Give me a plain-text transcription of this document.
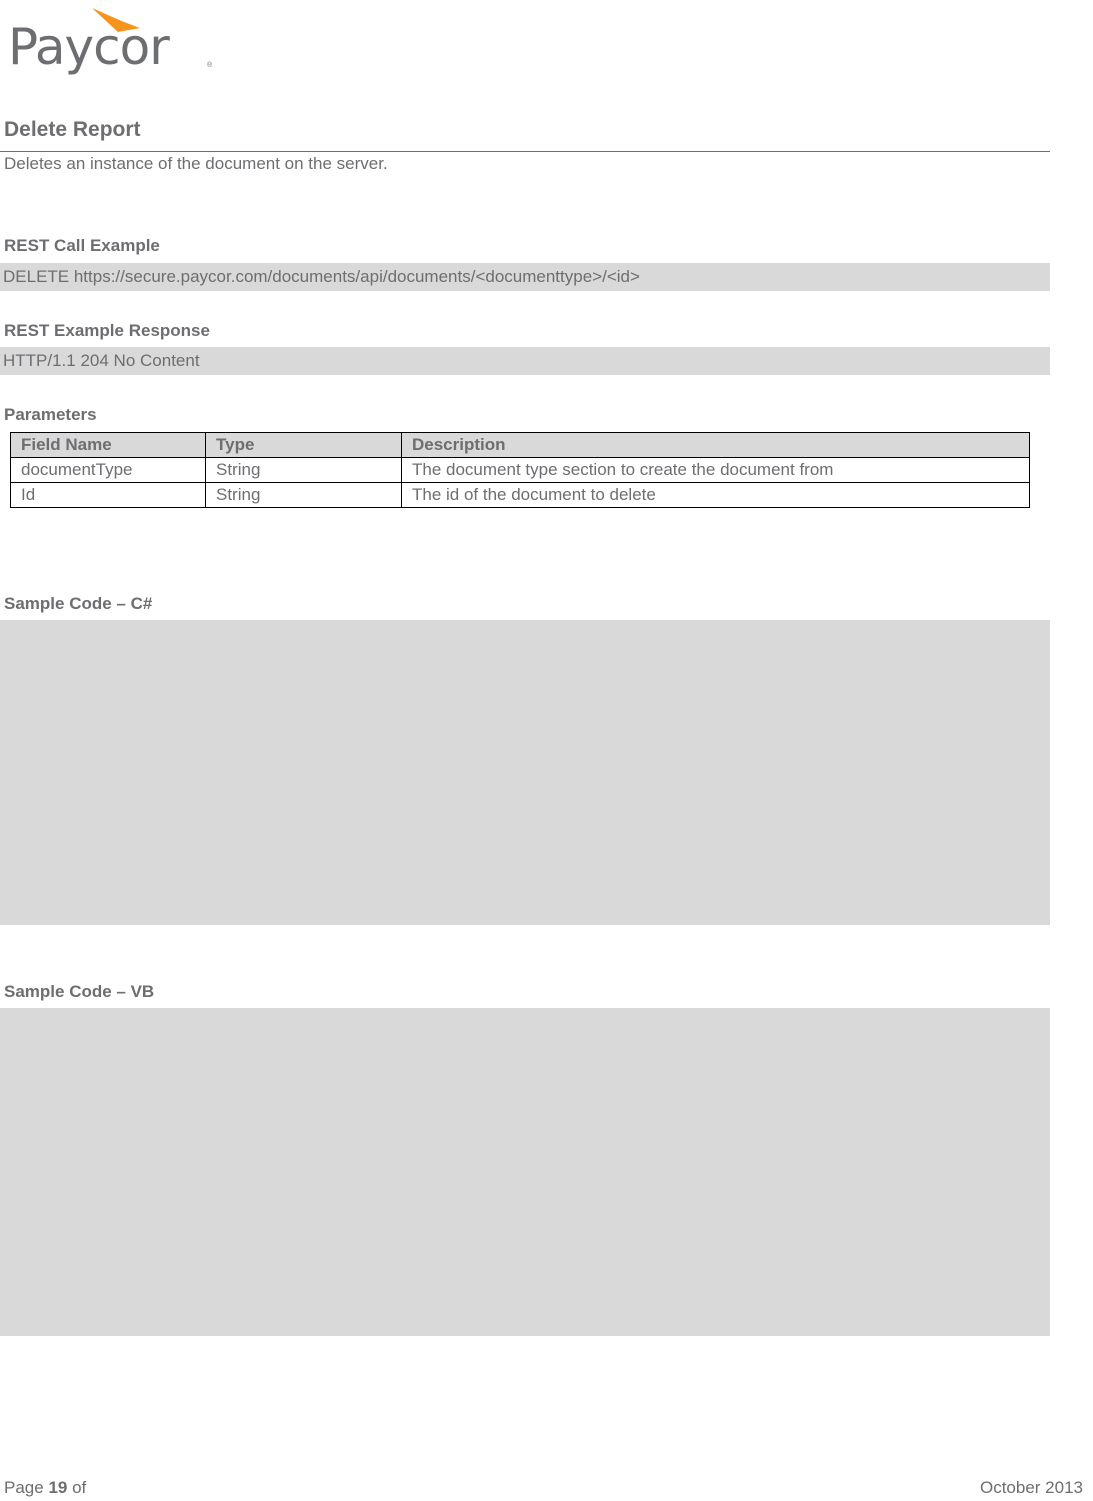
Paycor	®
Delete Report
Deletes an instance of the document on the server.
REST Call Example
DELETE https://secure.paycor.com/documents/api/documents/<documenttype>/<id>
REST Example Response
HTTP/1.1 204 No Content
Parameters
Field Name	Type	Description
documentType	String	The document type section to create the document from
Id	String	The id of the document to delete
Sample Code – C#
Sample Code – VB
Page 19 of	October 2013
